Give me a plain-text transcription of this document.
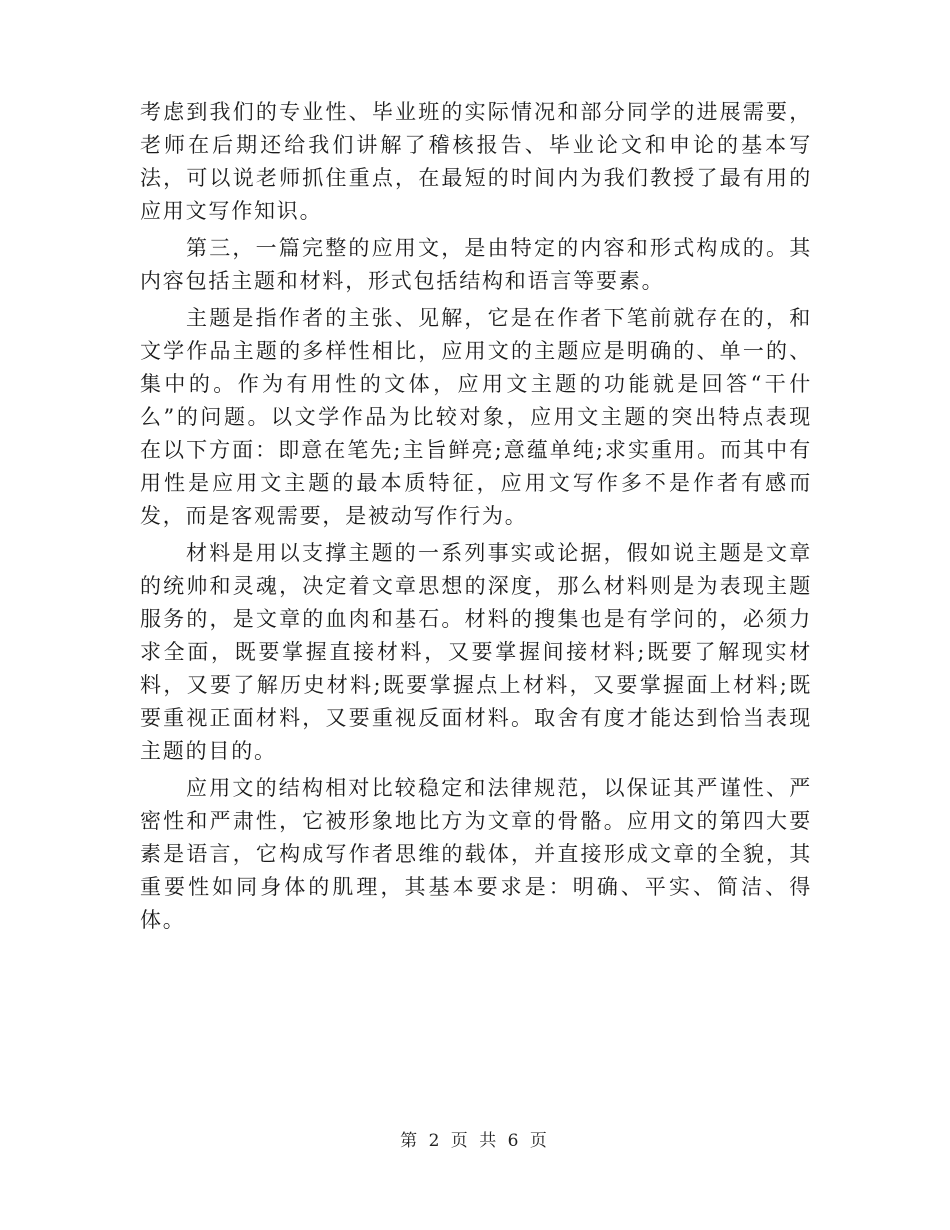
考虑到我们的专业性、毕业班的实际情况和部分同学的进展需要，老师在后期还给我们讲解了稽核报告、毕业论文和申论的基本写法，可以说老师抓住重点，在最短的时间内为我们教授了最有用的应用文写作知识。

第三，一篇完整的应用文，是由特定的内容和形式构成的。其内容包括主题和材料，形式包括结构和语言等要素。

主题是指作者的主张、见解，它是在作者下笔前就存在的，和文学作品主题的多样性相比，应用文的主题应是明确的、单一的、集中的。作为有用性的文体，应用文主题的功能就是回答“干什么”的问题。以文学作品为比较对象，应用文主题的突出特点表现在以下方面：即意在笔先;主旨鲜亮;意蕴单纯;求实重用。而其中有用性是应用文主题的最本质特征，应用文写作多不是作者有感而发，而是客观需要，是被动写作行为。

材料是用以支撑主题的一系列事实或论据，假如说主题是文章的统帅和灵魂，决定着文章思想的深度，那么材料则是为表现主题服务的，是文章的血肉和基石。材料的搜集也是有学问的，必须力求全面，既要掌握直接材料，又要掌握间接材料;既要了解现实材料，又要了解历史材料;既要掌握点上材料，又要掌握面上材料;既要重视正面材料，又要重视反面材料。取舍有度才能达到恰当表现主题的目的。

应用文的结构相对比较稳定和法律规范，以保证其严谨性、严密性和严肃性，它被形象地比方为文章的骨骼。应用文的第四大要素是语言，它构成写作者思维的载体，并直接形成文章的全貌，其重要性如同身体的肌理，其基本要求是：明确、平实、简洁、得体。

第 2 页 共 6 页
